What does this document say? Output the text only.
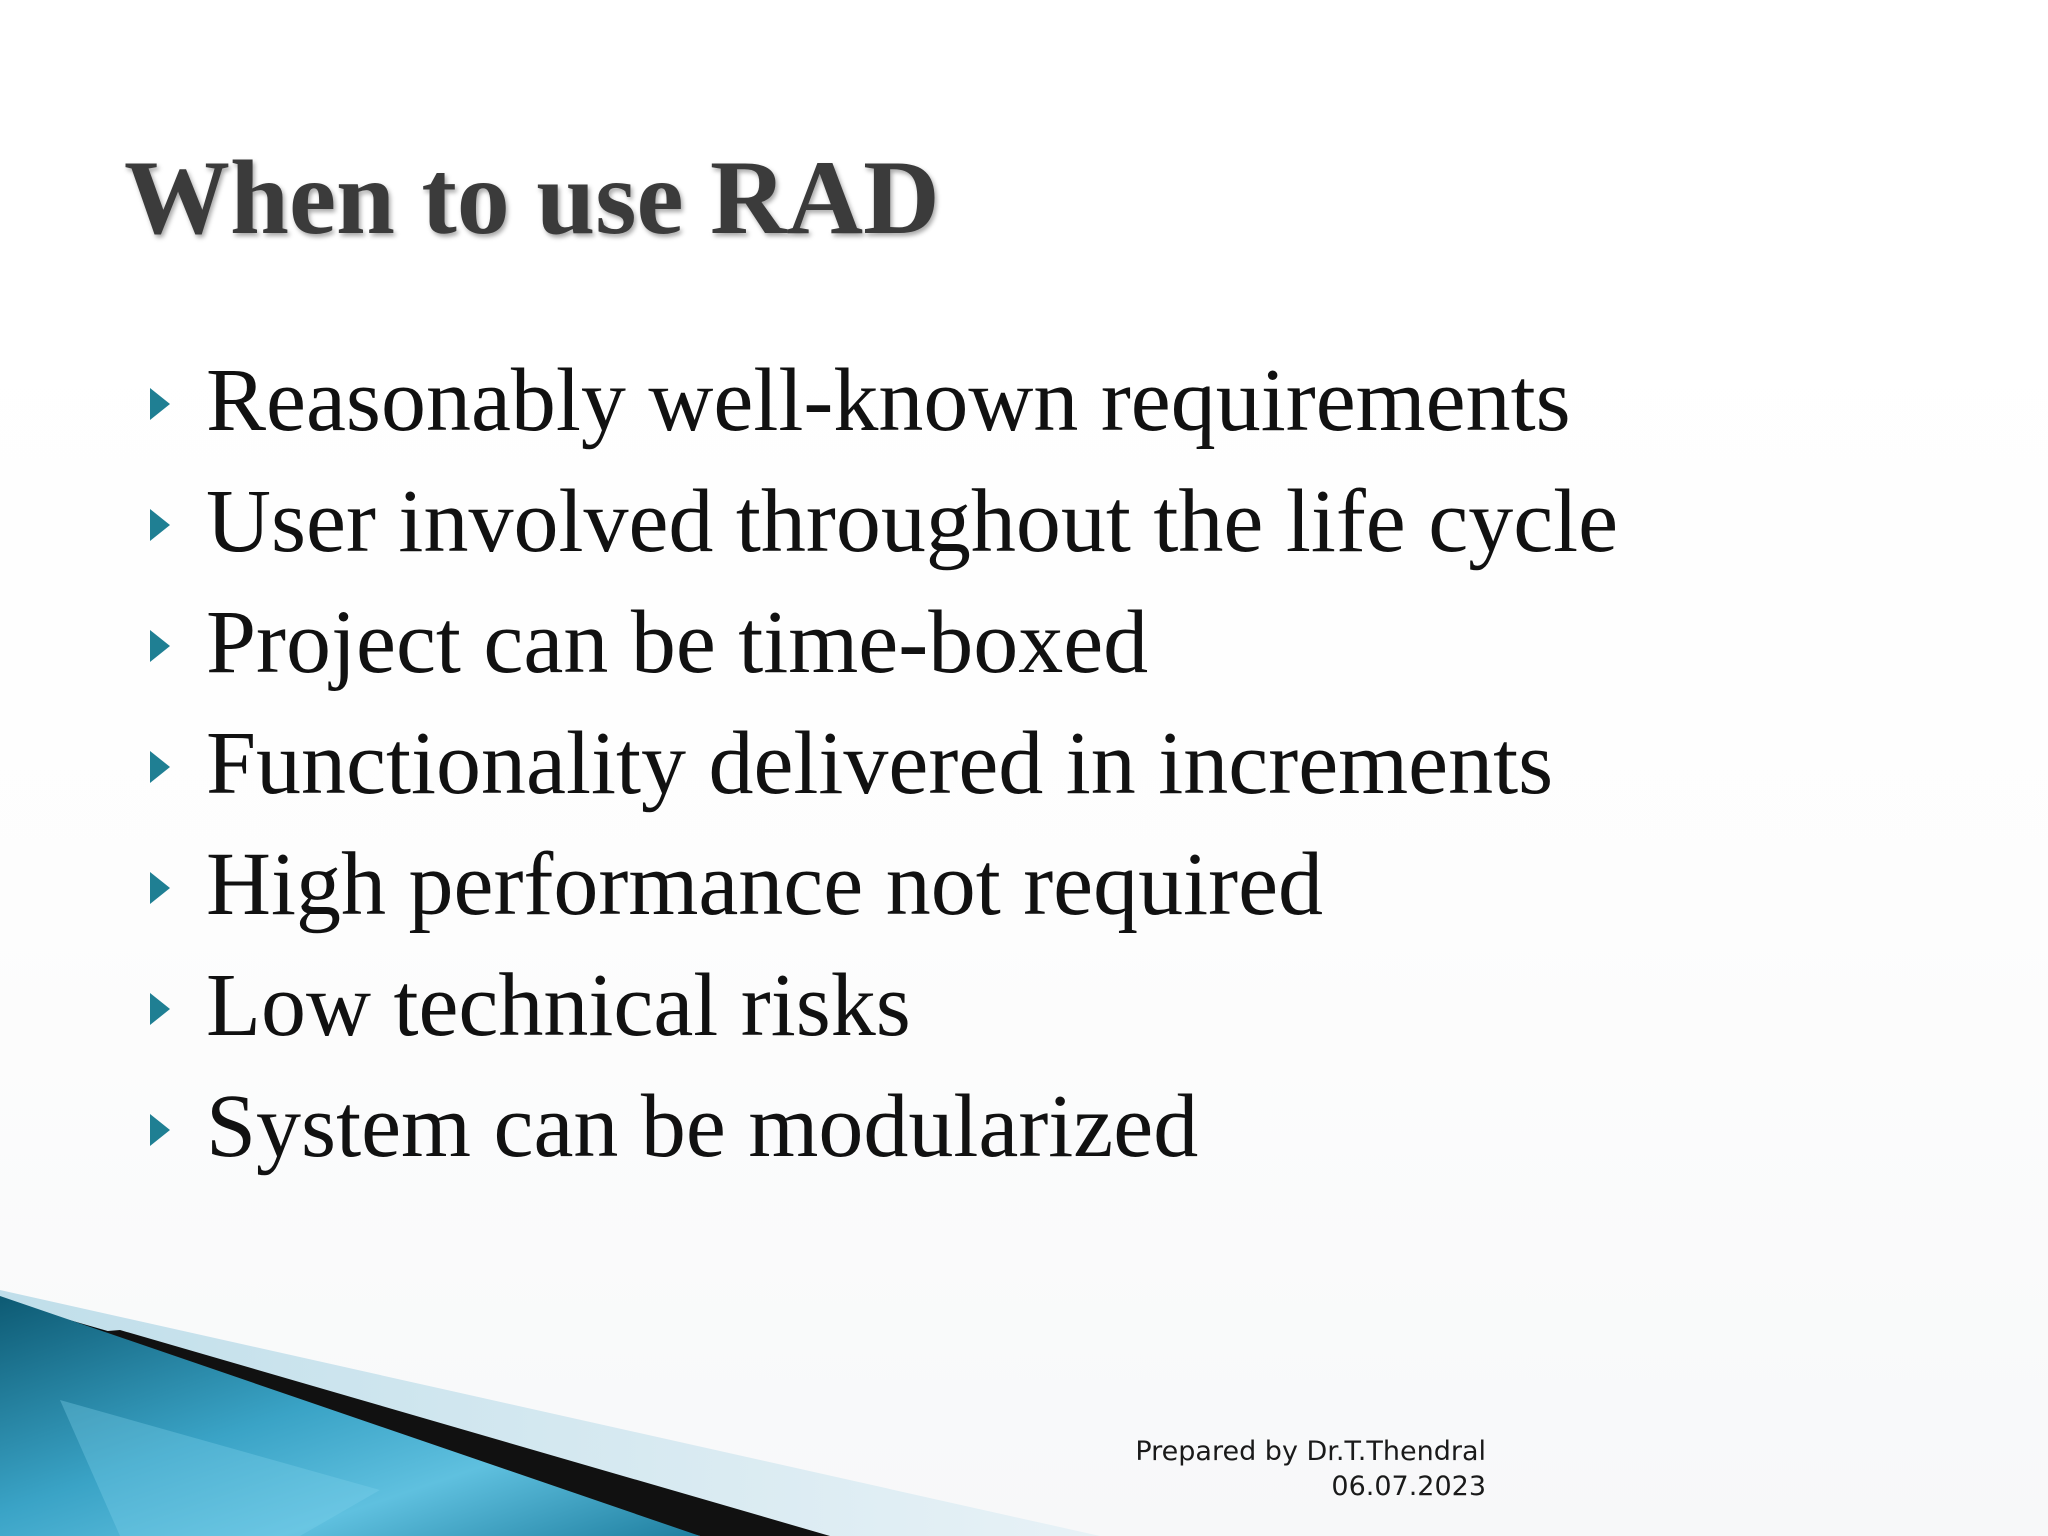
When to use RAD
Reasonably well-known requirements
User involved throughout the life cycle
Project can be time-boxed
Functionality delivered in increments
High performance not required
Low technical risks
System can be modularized
Prepared by Dr.T.Thendral
06.07.2023
